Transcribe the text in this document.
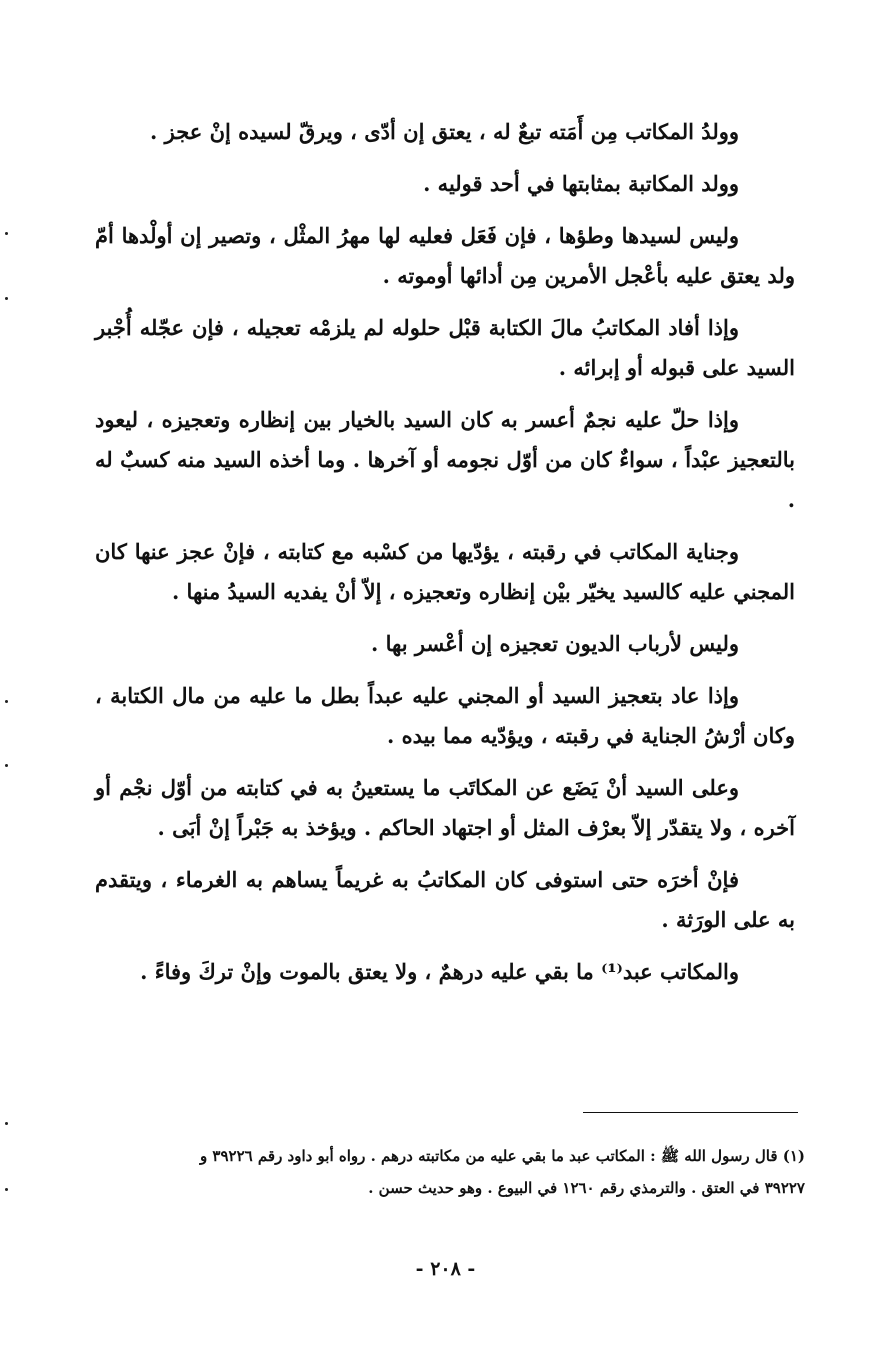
وولدُ المكاتب مِن أَمَته تبعٌ له ، يعتق إن أدّى ، ويرقّ لسيده إنْ عجز .

وولد المكاتبة بمثابتها في أحد قوليه .

وليس لسيدها وطؤها ، فإن فَعَل فعليه لها مهرُ المثْل ، وتصير إن أولْدها أمّ ولد يعتق عليه بأعْجل الأمرين مِن أدائها أوموته .

وإذا أفاد المكاتبُ مالَ الكتابة قبْل حلوله لم يلزمْه تعجيله ، فإن عجّله أُجْبر السيد على قبوله أو إبرائه .

وإذا حلّ عليه نجمٌ أعسر به كان السيد بالخيار بين إنظاره وتعجيزه ، ليعود بالتعجيز عبْداً ، سواءٌ كان من أوّل نجومه أو آخرها . وما أخذه السيد منه كسبٌ له .

وجناية المكاتب في رقبته ، يؤدّيها من كسْبه مع كتابته ، فإنْ عجز عنها كان المجني عليه كالسيد يخيّر بيْن إنظاره وتعجيزه ، إلاّ أنْ يفديه السيدُ منها .

وليس لأرباب الديون تعجيزه إن أعْسر بها .

وإذا عاد بتعجيز السيد أو المجني عليه عبداً بطل ما عليه من مال الكتابة ، وكان أرْشُ الجناية في رقبته ، ويؤدّيه مما بيده .

وعلى السيد أنْ يَضَع عن المكاتَب ما يستعينُ به في كتابته من أوّل نجْم أو آخره ، ولا يتقدّر إلاّ بعرْف المثل أو اجتهاد الحاكم . ويؤخذ به جَبْراً إنْ أبَى .

فإنْ أخرَه حتى استوفى كان المكاتبُ به غريماً يساهم به الغرماء ، ويتقدم به على الورَثة .

والمكاتب عبد⁽¹⁾ ما بقي عليه درهمٌ ، ولا يعتق بالموت وإنْ تركَ وفاءً .

(١) قال رسول الله ﷺ : المكاتب عبد ما بقي عليه من مكاتبته درهم . رواه أبو داود رقم ٣٩٢٢٦ و

٣٩٢٢٧ في العتق . والترمذي رقم ١٢٦٠ في البيوع . وهو حديث حسن .

- ٢٠٨ -
